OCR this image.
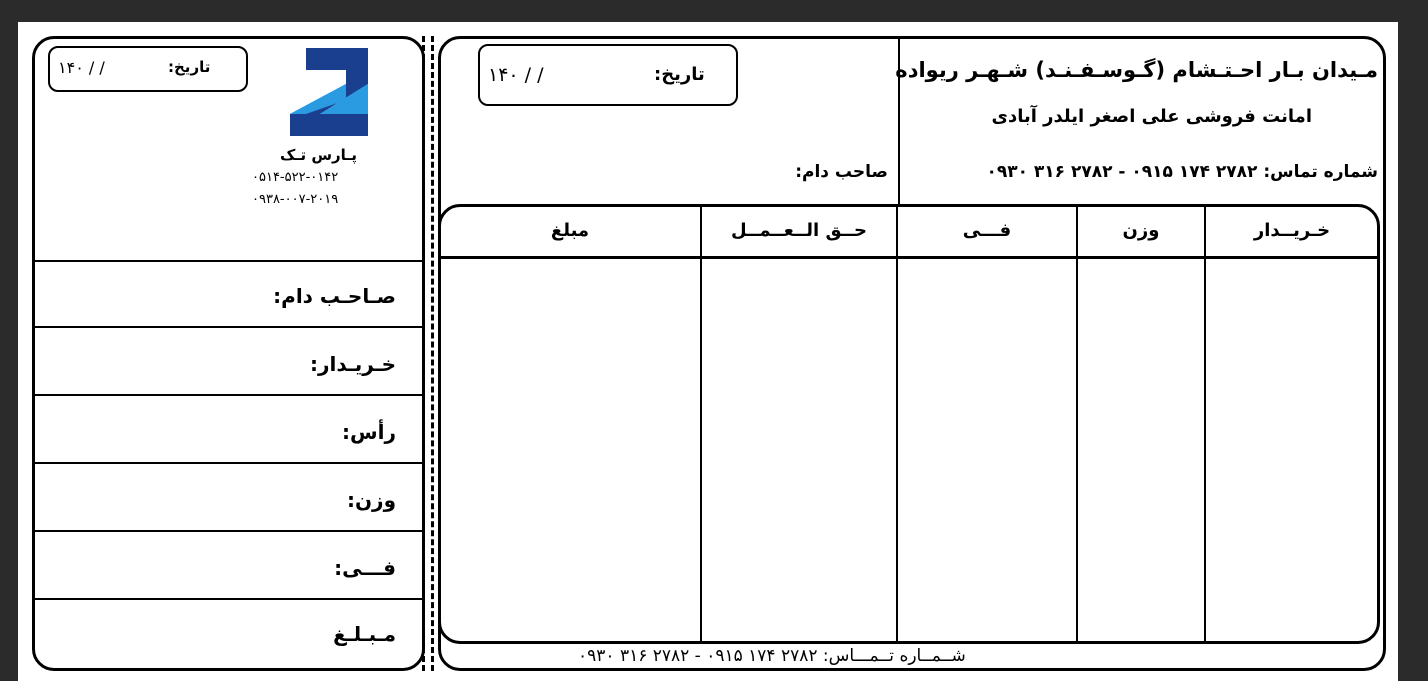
تاریخ:
۱۴۰ / /
پـارس تـک
۰۵۱۴-۵۲۲-۰۱۴۲
۰۹۳۸-۰۰۷-۲۰۱۹
صـاحـب دام:
خـریـدار:
رأس:
وزن:
فـــی:
مـبـلـغ
مـیدان بـار احـتـشام (گـوسـفـنـد) شـهـر ریواده
امانت فروشی علی اصغر ایلدر آبادی
شماره تماس: ۲۷۸۲ ۱۷۴ ۰۹۱۵ - ۲۷۸۲ ۳۱۶ ۰۹۳۰
تاریخ:
۱۴۰ / /
صاحب دام:
خـریــدار
وزن
فـــی
حــق الــعــمــل
مبلغ
شــمــاره تــمـــاس: ۲۷۸۲ ۱۷۴ ۰۹۱۵ - ۲۷۸۲ ۳۱۶ ۰۹۳۰
